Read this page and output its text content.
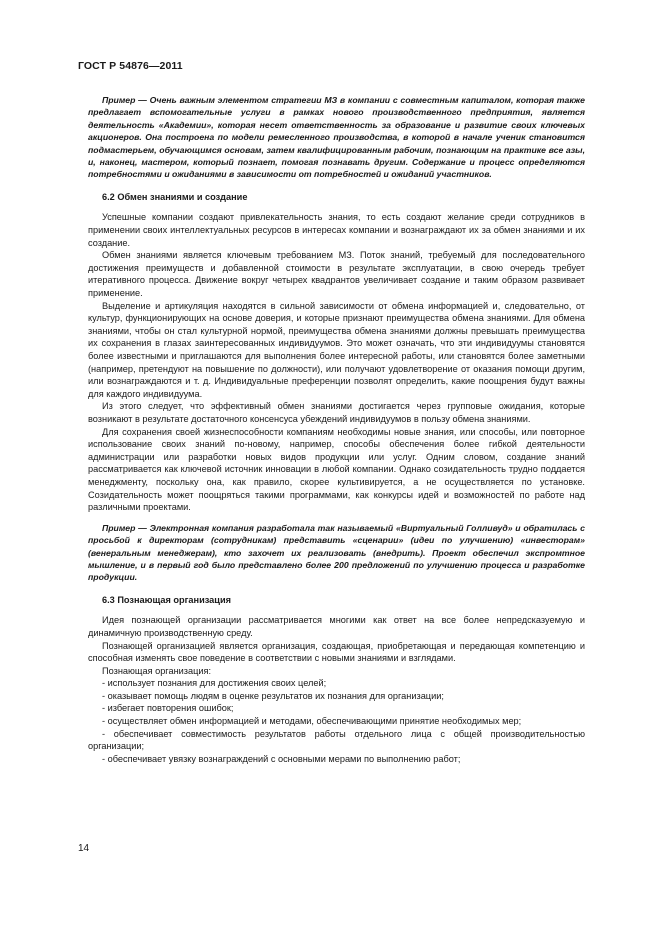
ГОСТ Р 54876—2011

Пример — Очень важным элементом стратегии МЗ в компании с совместным капиталом, которая также предлагает вспомогательные услуги в рамках нового производственного предприятия, является деятельность «Академии», которая несет ответственность за образование и развитие своих ключевых акционеров. Она построена по модели ремесленного производства, в которой в начале ученик становится подмастерьем, обучающимся основам, затем квалифицированным рабочим, познающим на практике все азы, и, наконец, мастером, который познает, помогая познавать другим. Содержание и процесс определяются потребностями и ожиданиями в зависимости от потребностей и ожиданий участников.

6.2 Обмен знаниями и создание

Успешные компании создают привлекательность знания, то есть создают желание среди сотрудников в применении своих интеллектуальных ресурсов в интересах компании и вознаграждают их за обмен знаниями и их создание.

Обмен знаниями является ключевым требованием МЗ. Поток знаний, требуемый для последовательного достижения преимуществ и добавленной стоимости в результате эксплуатации, в свою очередь требует итеративного процесса. Движение вокруг четырех квадрантов увеличивает создание и таким образом развивает применение.

Выделение и артикуляция находятся в сильной зависимости от обмена информацией и, следовательно, от культур, функционирующих на основе доверия, и которые признают преимущества обмена знаниями. Для обмена знаниями, чтобы он стал культурной нормой, преимущества обмена знаниями должны превышать преимущества их сохранения в глазах заинтересованных индивидуумов. Это может означать, что эти индивидуумы становятся более известными и приглашаются для выполнения более интересной работы, или становятся более заметными (например, претендуют на повышение по должности), или получают удовлетворение от оказания помощи другим, или вознаграждаются и т. д. Индивидуальные преференции позволят определить, какие поощрения будут важны для каждого индивидуума.

Из этого следует, что эффективный обмен знаниями достигается через групповые ожидания, которые возникают в результате достаточного консенсуса убеждений индивидуумов в пользу обмена знаниями.

Для сохранения своей жизнеспособности компаниям необходимы новые знания, или способы, или повторное использование своих знаний по-новому, например, способы обеспечения более гибкой деятельности администрации или разработки новых видов продукции или услуг. Одним словом, создание знаний рассматривается как ключевой источник инновации в любой компании. Однако созидательность трудно поддается менеджменту, поскольку она, как правило, скорее культивируется, а не осуществляется по установке. Созидательность может поощряться такими программами, как конкурсы идей и возможностей по работе над различными проектами.

Пример — Электронная компания разработала так называемый «Виртуальный Голливуд» и обратилась с просьбой к директорам (сотрудникам) представить «сценарии» (идеи по улучшению) «инвесторам» (венеральным менеджерам), кто захочет их реализовать (внедрить). Проект обеспечил экспромтное мышление, и в первый год было представлено более 200 предложений по улучшению процесса и разработке продукции.

6.3 Познающая организация

Идея познающей организации рассматривается многими как ответ на все более непредсказуемую и динамичную производственную среду.

Познающей организацией является организация, создающая, приобретающая и передающая компетенцию и способная изменять свое поведение в соответствии с новыми знаниями и взглядами.

Познающая организация:

- использует познания для достижения своих целей;

- оказывает помощь людям в оценке результатов их познания для организации;

- избегает повторения ошибок;

- осуществляет обмен информацией и методами, обеспечивающими принятие необходимых мер;

- обеспечивает совместимость результатов работы отдельного лица с общей производительностью организации;

- обеспечивает увязку вознаграждений с основными мерами по выполнению работ;

14
